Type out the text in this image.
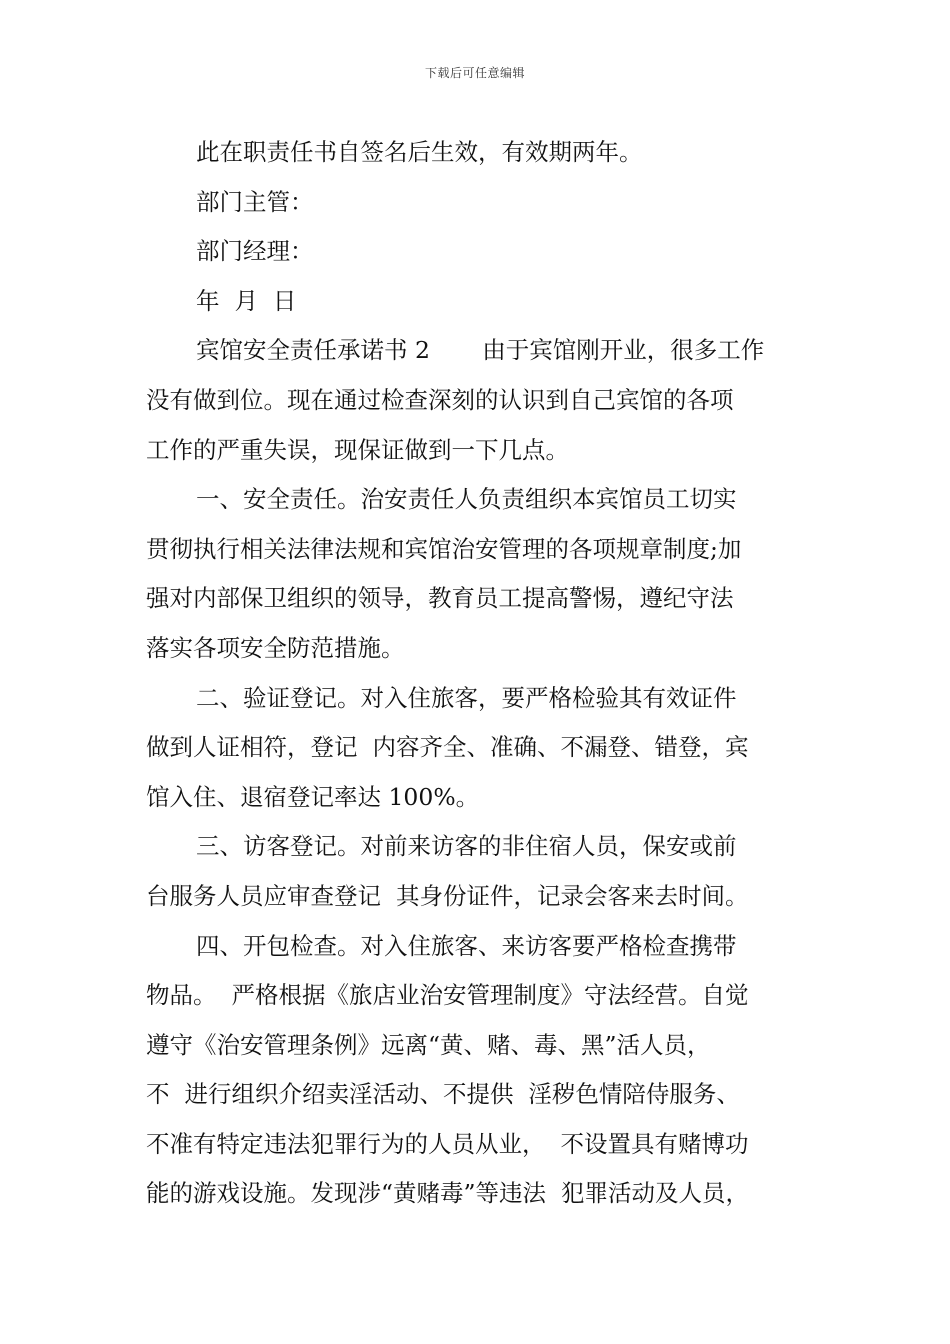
下载后可任意编辑
此在职责任书自签名后生效，有效期两年。
部门主管：
部门经理：
年  月  日
宾馆安全责任承诺书 2       由于宾馆刚开业，很多工作
没有做到位。现在通过检查深刻的认识到自己宾馆的各项
工作的严重失误，现保证做到一下几点。
一、安全责任。治安责任人负责组织本宾馆员工切实
贯彻执行相关法律法规和宾馆治安管理的各项规章制度;加
强对内部保卫组织的领导，教育员工提高警惕，遵纪守法
落实各项安全防范措施。
二、验证登记。对入住旅客，要严格检验其有效证件
做到人证相符，登记  内容齐全、准确、不漏登、错登，宾
馆入住、退宿登记率达 100%。
三、访客登记。对前来访客的非住宿人员，保安或前
台服务人员应审查登记  其身份证件，记录会客来去时间。
四、开包检查。对入住旅客、来访客要严格检查携带
物品。  严格根据《旅店业治安管理制度》守法经营。自觉
遵守《治安管理条例》远离“黄、赌、毒、黑”活人员，
不  进行组织介绍卖淫活动、不提供  淫秽色情陪侍服务、
不准有特定违法犯罪行为的人员从业，  不设置具有赌博功
能的游戏设施。发现涉“黄赌毒”等违法  犯罪活动及人员，
